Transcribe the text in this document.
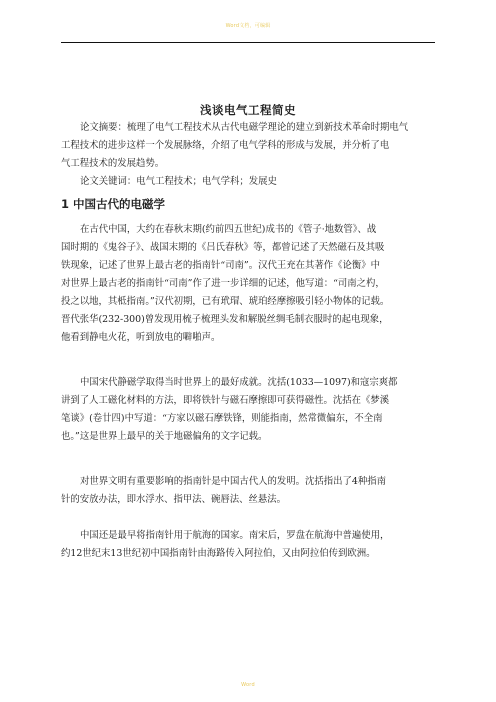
Word文档，可编辑
浅谈电气工程简史

论文摘要：梳理了电气工程技术从古代电磁学理论的建立到新技术革命时期电气
工程技术的进步这样一个发展脉络，介绍了电气学科的形成与发展，并分析了电
气工程技术的发展趋势。

论文关键词：电气工程技术；电气学科；发展史

1 中国古代的电磁学

在古代中国，大约在春秋末期(约前四五世纪)成书的《管子·地数管》、战
国时期的《鬼谷子》、战国末期的《吕氏春秋》等，都曾记述了天然磁石及其吸
铁现象，记述了世界上最古老的指南针“司南”。汉代王充在其著作《论衡》中
对世界上最古老的指南针“司南”作了进一步详细的记述，他写道：“司南之杓，
投之以地，其柢指南。”汉代初期，已有玳瑁、琥珀经摩擦吸引轻小物体的记载。
晋代张华(232-300)曾发现用梳子梳理头发和解脱丝绸毛制衣服时的起电现象，
他看到静电火花，听到放电的噼啪声。

中国宋代静磁学取得当时世界上的最好成就。沈括(1033—1097)和寇宗爽都
讲到了人工磁化材料的方法，即将铁针与磁石摩擦即可获得磁性。沈括在《梦溪
笔谈》(卷廿四)中写道：“方家以磁石摩铁锋，则能指南，然常微偏东，不全南
也。”这是世界上最早的关于地磁偏角的文字记载。

对世界文明有重要影响的指南针是中国古代人的发明。沈括指出了4种指南
针的安放办法，即水浮水、指甲法、碗唇法、丝悬法。

中国还是最早将指南针用于航海的国家。南宋后，罗盘在航海中普遍使用，
约12世纪末13世纪初中国指南针由海路传入阿拉伯，又由阿拉伯传到欧洲。

Word
